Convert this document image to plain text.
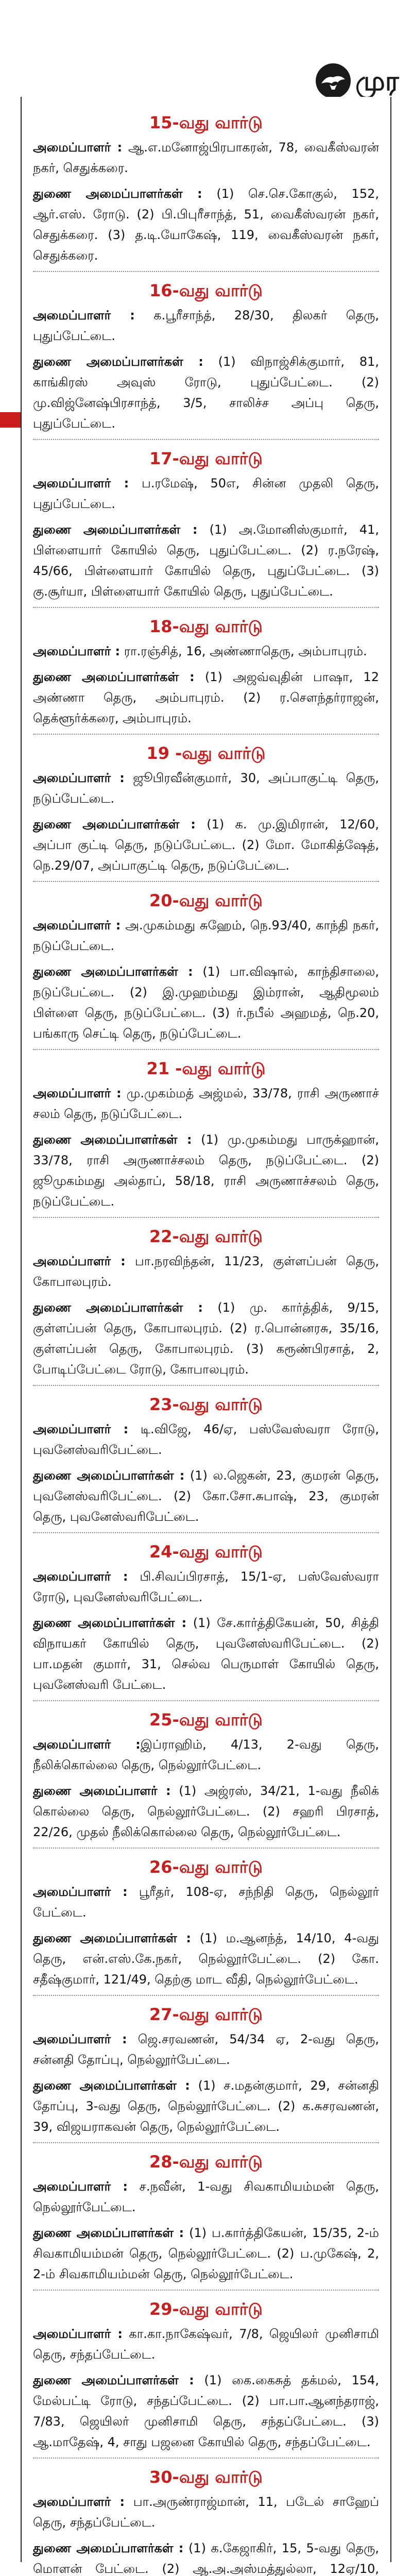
முர
15-வது வார்டு
அமைப்பாளர் : ஆ.எ.மனோஜ்பிரபாகரன், 78, வைகீஸ்வரன் நகர், செதுக்கரை.
துணை அமைப்பாளர்கள் : (1) செ.செ.கோகுல், 152, ஆர்.எஸ். ரோடு. (2) பி.பிபுரீசாந்த், 51, வைகீஸ்வரன் நகர், செதுக்கரை. (3) த.டி.யோகேஷ், 119, வைகீஸ்வரன் நகர், செதுக்கரை.
16-வது வார்டு
அமைப்பாளர் : க.பூரீசாந்த், 28/30, திலகர் தெரு, புதுப்பேட்டை.
துணை அமைப்பாளர்கள் : (1) விநாஜ்சிக்குமார், 81, காங்கிரஸ் அவுஸ் ரோடு, புதுப்பேட்டை. (2) மு.விஜ்னேஷ்பிரசாந்த், 3/5, சாலிச்ச அப்பு தெரு, புதுப்பேட்டை.
17-வது வார்டு
அமைப்பாளர் : ப.ரமேஷ், 50எ, சின்ன முதலி தெரு, புதுப்பேட்டை.
துணை அமைப்பாளர்கள் : (1) அ.மோனிஸ்குமார், 41, பிள்ளையார் கோயில் தெரு, புதுப்பேட்டை. (2) ர.நரேஷ், 45/66, பிள்ளையார் கோயில் தெரு, புதுப்பேட்டை. (3) கு.சூர்யா, பிள்ளையார் கோயில் தெரு, புதுப்பேட்டை.
18-வது வார்டு
அமைப்பாளர் : ரா.ரஞ்சித், 16, அண்ணாதெரு, அம்பாபுரம்.
துணை அமைப்பாளர்கள் : (1) அஜவ்வுதின் பாஷா, 12 அண்ணா தெரு, அம்பாபுரம். (2) ர.சௌந்தர்ராஜன், தெக்ளூர்க்கரை, அம்பாபுரம்.
19 -வது வார்டு
அமைப்பாளர் : ஜூபிரவீன்குமார், 30, அப்பாகுட்டி தெரு, நடுப்பேட்டை.
துணை அமைப்பாளர்கள் : (1) க. மு.இமிரான், 12/60, அப்பா குட்டி தெரு, நடுப்பேட்டை. (2) மோ. மோகித்ஷேத், நெ.29/07, அப்பாகுட்டி தெரு, நடுப்பேட்டை.
20-வது வார்டு
அமைப்பாளர் : அ.முகம்மது சுஹேம், நெ.93/40, காந்தி நகர், நடுப்பேட்டை.
துணை அமைப்பாளர்கள் : (1) பா.விஷால், காந்திசாலை, நடுப்பேட்டை. (2) இ.முஹம்மது இம்ரான், ஆதிமூலம் பிள்ளை தெரு, நடுப்பேட்டை. (3) ர்.நபீல் அஹமத், நெ.20, பங்காரு செட்டி தெரு, நடுப்பேட்டை.
21 -வது வார்டு
அமைப்பாளர் : மு.முகம்மத் அஜ்மல், 33/78, ராசி அருணாச் சலம் தெரு, நடுப்பேட்டை.
துணை அமைப்பாளர்கள் : (1) மு.முகம்மது பாருக்ஹான், 33/78, ராசி அருணாச்சலம் தெரு, நடுப்பேட்டை. (2) ஜூமுகம்மது அல்தாப், 58/18, ராசி அருணாச்சலம் தெரு, நடுப்பேட்டை.
22-வது வார்டு
அமைப்பாளர் : பா.நரவிந்தன், 11/23, குள்ளப்பன் தெரு, கோபாலபுரம்.
துணை அமைப்பாளர்கள் : (1) மு. கார்த்திக், 9/15, குள்ளப்பன் தெரு, கோபாலபுரம். (2) ர.பொன்னரசு, 35/16, குள்ளப்பன் தெரு, கோபாலபுரம். (3) கரூண்பிரசாத், 2, போடிப்பேட்டை ரோடு, கோபாலபுரம்.
23-வது வார்டு
அமைப்பாளர் : டி.விஜே, 46/ஏ, பஸ்வேஸ்வரா ரோடு, புவனேஸ்வரிபேட்டை.
துணை அமைப்பாளர்கள் : (1) ல.ஜெகன், 23, குமரன் தெரு, புவனேஸ்வரிபேட்டை. (2) கோ.சோ.சுபாஷ், 23, குமரன் தெரு, புவனேஸ்வரிபேட்டை.
24-வது வார்டு
அமைப்பாளர் : பி.சிவப்பிரசாத், 15/1-ஏ, பஸ்வேஸ்வரா ரோடு, புவனேஸ்வரிபேட்டை.
துணை அமைப்பாளர்கள் : (1) சே.கார்த்திகேயன், 50, சித்தி விநாயகர் கோயில் தெரு, புவனேஸ்வரிபேட்டை. (2) பா.மதன் குமார், 31, செல்வ பெருமாள் கோயில் தெரு, புவனேஸ்வரி பேட்டை.
25-வது வார்டு
அமைப்பாளர் :இப்ராஹிம், 4/13, 2-வது தெரு, நீலிக்கொல்லை தெரு, நெல்லூர்பேட்டை.
துணை அமைப்பாளர் : (1) அஜ்ரஸ், 34/21, 1-வது நீலிக் கொல்லை தெரு, நெல்லூர்பேட்டை. (2) சஹரி பிரசாத், 22/26, முதல் நீலிக்கொல்லை தெரு, நெல்லூர்பேட்டை.
26-வது வார்டு
அமைப்பாளர் : பூரீதர், 108-ஏ, சந்நிதி தெரு, நெல்லூர் பேட்டை.
துணை அமைப்பாளர்கள் : (1) ம.ஆனந்த், 14/10, 4-வது தெரு, என்.எஸ்.கே.நகர், நெல்லூர்பேட்டை. (2) கோ. சதீஷ்குமார், 121/49, தெற்கு மாட வீதி, நெல்லூர்பேட்டை.
27-வது வார்டு
அமைப்பாளர் : ஜெ.சரவணன், 54/34 ஏ, 2-வது தெரு, சன்னதி தோப்பு, நெல்லூர்பேட்டை.
துணை அமைப்பாளர்கள் : (1) ச.மதன்குமார், 29, சன்னதி தோப்பு, 3-வது தெரு, நெல்லூர்பேட்டை. (2) க.சுசரவணன், 39, விஜயராகவன் தெரு, நெல்லூர்பேட்டை.
28-வது வார்டு
அமைப்பாளர் : ச.நவீன், 1-வது சிவகாமியம்மன் தெரு, நெல்லூர்பேட்டை.
துணை அமைப்பாளர்கள் : (1) ப.கார்த்திகேயன், 15/35, 2-ம் சிவகாமியம்மன் தெரு, நெல்லூர்பேட்டை. (2) ப.முகேஷ், 2, 2-ம் சிவகாமியம்மன் தெரு, நெல்லூர்பேட்டை.
29-வது வார்டு
அமைப்பாளர் : கா.கா.நாகேஷ்வர், 7/8, ஜெயிலர் முனிசாமி தெரு, சந்தப்பேட்டை.
துணை அமைப்பாளர்கள் : (1) கை.கைசுத் தக்மல், 154, மேல்பட்டி ரோடு, சந்தப்பேட்டை. (2) பா.பா.ஆனந்தராஜ், 7/83, ஜெயிலர் முனிசாமி தெரு, சந்தப்பேட்டை. (3) ஆ.மாதேஷ், 4, சாது பஜனை கோயில் தெரு, சந்தப்பேட்டை.
30-வது வார்டு
அமைப்பாளர் : பா.அருண்ராஜ்மான், 11, படேல் சாஹேப் தெரு, சந்தப்பேட்டை.
துணை அமைப்பாளர்கள் : (1) க.கேஜாகிர், 15, 5-வது தெரு, மொளன் பேட்டை. (2) ஆ.அ.அஸ்மத்துல்லா, 12ஏ/10,
